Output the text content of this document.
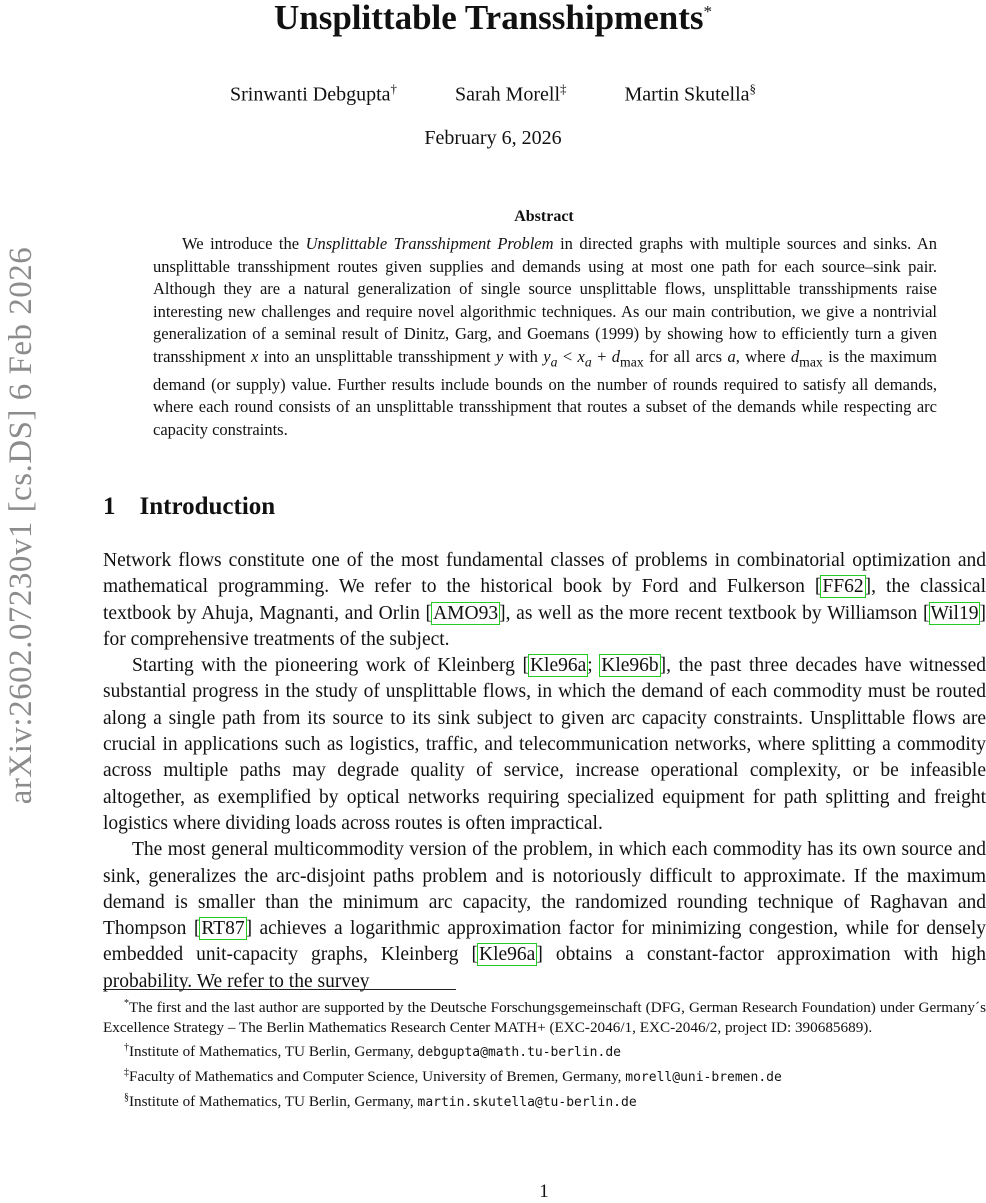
arXiv:2602.07230v1 [cs.DS] 6 Feb 2026
Unsplittable Transshipments*
Srinwanti Debgupta†	Sarah Morell‡	Martin Skutella§
February 6, 2026
Abstract
We introduce the Unsplittable Transshipment Problem in directed graphs with multiple sources and sinks. An unsplittable transshipment routes given supplies and demands using at most one path for each source–sink pair. Although they are a natural generalization of single source unsplittable flows, unsplittable transshipments raise interesting new challenges and require novel algorithmic techniques. As our main contribution, we give a nontrivial generalization of a seminal result of Dinitz, Garg, and Goemans (1999) by showing how to efficiently turn a given transshipment x into an unsplittable transshipment y with $y_a < x_a + d_{max}$ for all arcs a, where $d_{max}$ is the maximum demand (or supply) value. Further results include bounds on the number of rounds required to satisfy all demands, where each round consists of an unsplittable transshipment that routes a subset of the demands while respecting arc capacity constraints.
1 Introduction

Network flows constitute one of the most fundamental classes of problems in combinatorial optimization and mathematical programming. We refer to the historical book by Ford and Fulkerson [FF62], the classical textbook by Ahuja, Magnanti, and Orlin [AMO93], as well as the more recent textbook by Williamson [Wil19] for comprehensive treatments of the subject.

Starting with the pioneering work of Kleinberg [Kle96a; Kle96b], the past three decades have witnessed substantial progress in the study of unsplittable flows, in which the demand of each commodity must be routed along a single path from its source to its sink subject to given arc capacity constraints. Unsplittable flows are crucial in applications such as logistics, traffic, and telecommunication networks, where splitting a commodity across multiple paths may degrade quality of service, increase operational complexity, or be infeasible altogether, as exemplified by optical networks requiring specialized equipment for path splitting and freight logistics where dividing loads across routes is often impractical.

The most general multicommodity version of the problem, in which each commodity has its own source and sink, generalizes the arc-disjoint paths problem and is notoriously difficult to approximate. If the maximum demand is smaller than the minimum arc capacity, the randomized rounding technique of Raghavan and Thompson [RT87] achieves a logarithmic approximation factor for minimizing congestion, while for densely embedded unit-capacity graphs, Kleinberg [Kle96a] obtains a constant-factor approximation with high probability. We refer to the survey

*The first and the last author are supported by the Deutsche Forschungsgemeinschaft (DFG, German Research Foundation) under Germany´s Excellence Strategy – The Berlin Mathematics Research Center MATH+ (EXC-2046/1, EXC-2046/2, project ID: 390685689).

†Institute of Mathematics, TU Berlin, Germany, debgupta@math.tu-berlin.de

‡Faculty of Mathematics and Computer Science, University of Bremen, Germany, morell@uni-bremen.de

§Institute of Mathematics, TU Berlin, Germany, martin.skutella@tu-berlin.de

1
